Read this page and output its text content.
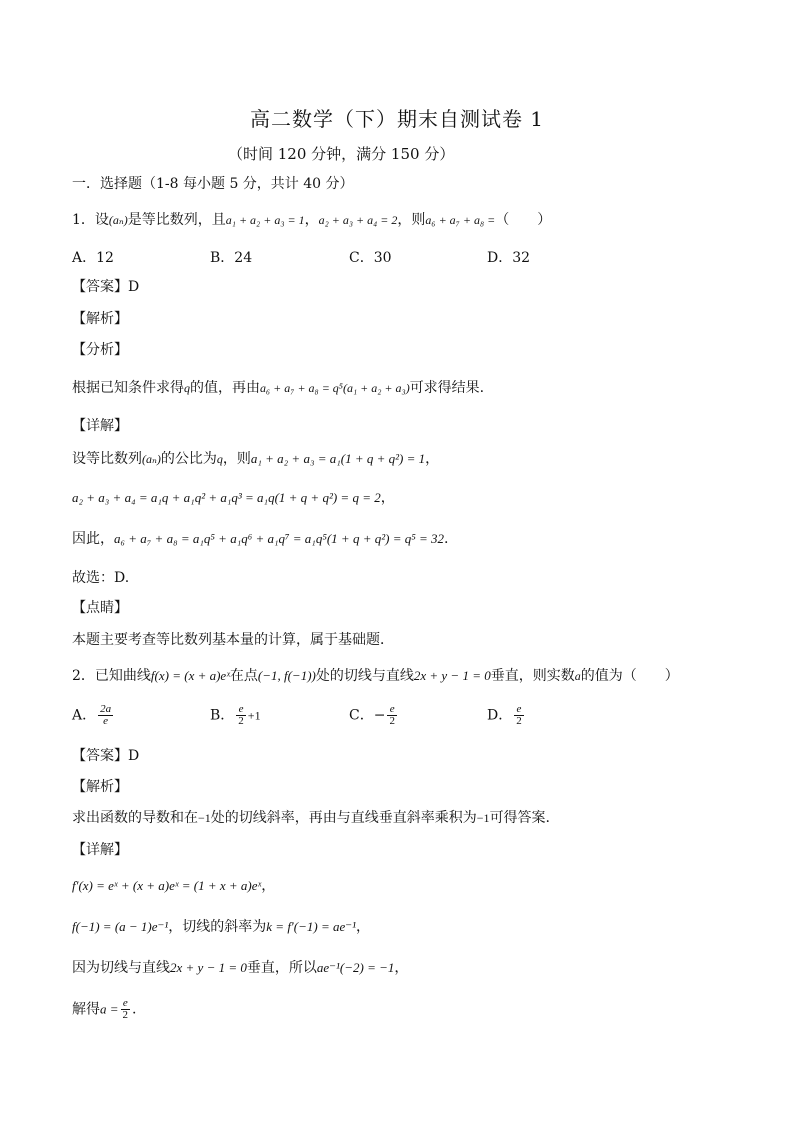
高二数学（下）期末自测试卷 1
（时间 120 分钟，满分 150 分）
一．选择题（1-8 每小题 5 分，共计 40 分）
1．设(aₙ)是等比数列，且a₁ + a₂ + a₃ = 1，a₂ + a₃ + a₄ = 2，则a₆ + a₇ + a₈ =（　　）
A．12	B．24	C．30	D．32
【答案】D
【解析】
【分析】
根据已知条件求得q的值，再由a₆ + a₇ + a₈ = q⁵(a₁ + a₂ + a₃)可求得结果.
【详解】
设等比数列(aₙ)的公比为q，则a₁ + a₂ + a₃ = a₁(1 + q + q²) = 1，
a₂ + a₃ + a₄ = a₁q + a₁q² + a₁q³ = a₁q(1 + q + q²) = q = 2，
因此，a₆ + a₇ + a₈ = a₁q⁵ + a₁q⁶ + a₁q⁷ = a₁q⁵(1 + q + q²) = q⁵ = 32.
故选：D.
【点睛】
本题主要考查等比数列基本量的计算，属于基础题．
2．已知曲线f(x) = (x + a)eˣ在点(−1, f(−1))处的切线与直线2x + y − 1 = 0垂直，则实数a的值为（　　）
A． $\frac{2a}{e}$	B． $\frac{e}{2} +1$	C．− $\frac{e}{2}$	D． $\frac{e}{2}$
【答案】D
【解析】
求出函数的导数和在−1处的切线斜率，再由与直线垂直斜率乘积为−1可得答案.
【详解】
f′(x) = eˣ + (x + a)eˣ = (1 + x + a)eˣ，
f(−1) = (a − 1)e⁻¹，切线的斜率为k = f′(−1) = ae⁻¹，
因为切线与直线2x + y − 1 = 0垂直，所以ae⁻¹(−2) = −1，
解得$a = \frac{e}{2}$ .
